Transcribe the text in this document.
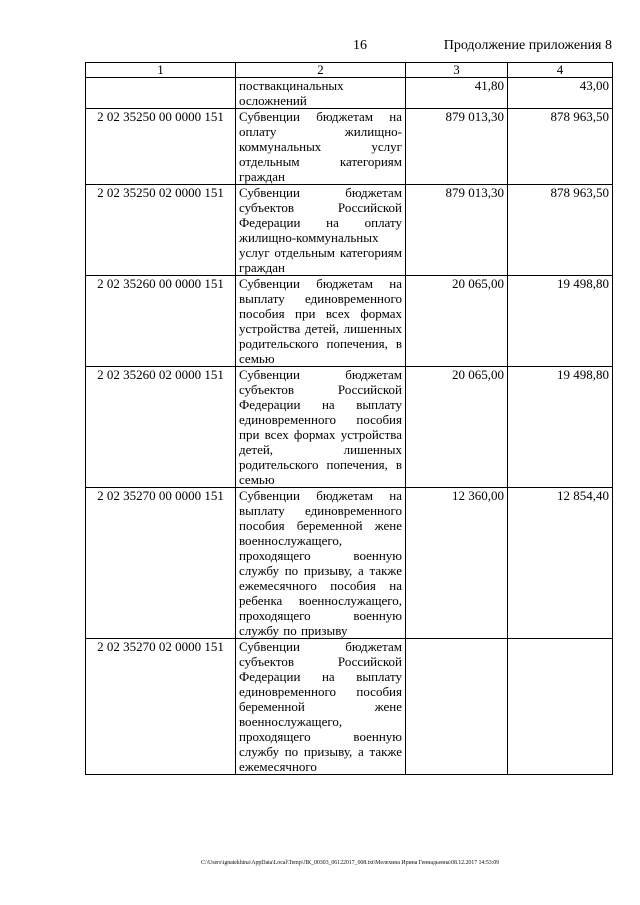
16	Продолжение приложения 8
1	2	3	4
	поствакцинальных осложнений	41,80	43,00
2 02 35250 00 0000 151	Субвенции бюджетам на оплату жилищно-коммунальных услуг отдельным категориям граждан	879 013,30	878 963,50
2 02 35250 02 0000 151	Субвенции бюджетам субъектов Российской Федерации на оплату жилищно-коммунальных услуг отдельным категориям граждан	879 013,30	878 963,50
2 02 35260 00 0000 151	Субвенции бюджетам на выплату единовременного пособия при всех формах устройства детей, лишенных родительского попечения, в семью	20 065,00	19 498,80
2 02 35260 02 0000 151	Субвенции бюджетам субъектов Российской Федерации на выплату единовременного пособия при всех формах устройства детей, лишенных родительского попечения, в семью	20 065,00	19 498,80
2 02 35270 00 0000 151	Субвенции бюджетам на выплату единовременного пособия беременной жене военнослужащего, проходящего военную службу по призыву, а также ежемесячного пособия на ребенка военнослужащего, проходящего военную службу по призыву	12 360,00	12 854,40
2 02 35270 02 0000 151	Субвенции бюджетам субъектов Российской Федерации на выплату единовременного пособия беременной жене военнослужащего, проходящего военную службу по призыву, а также ежемесячного		
C:\Users\ignatekhina\AppData\Local\Temp\ЛК_00303_06122017_008.txt\Мелехина Ирина Геннадьевна\08.12.2017 14:53:09
